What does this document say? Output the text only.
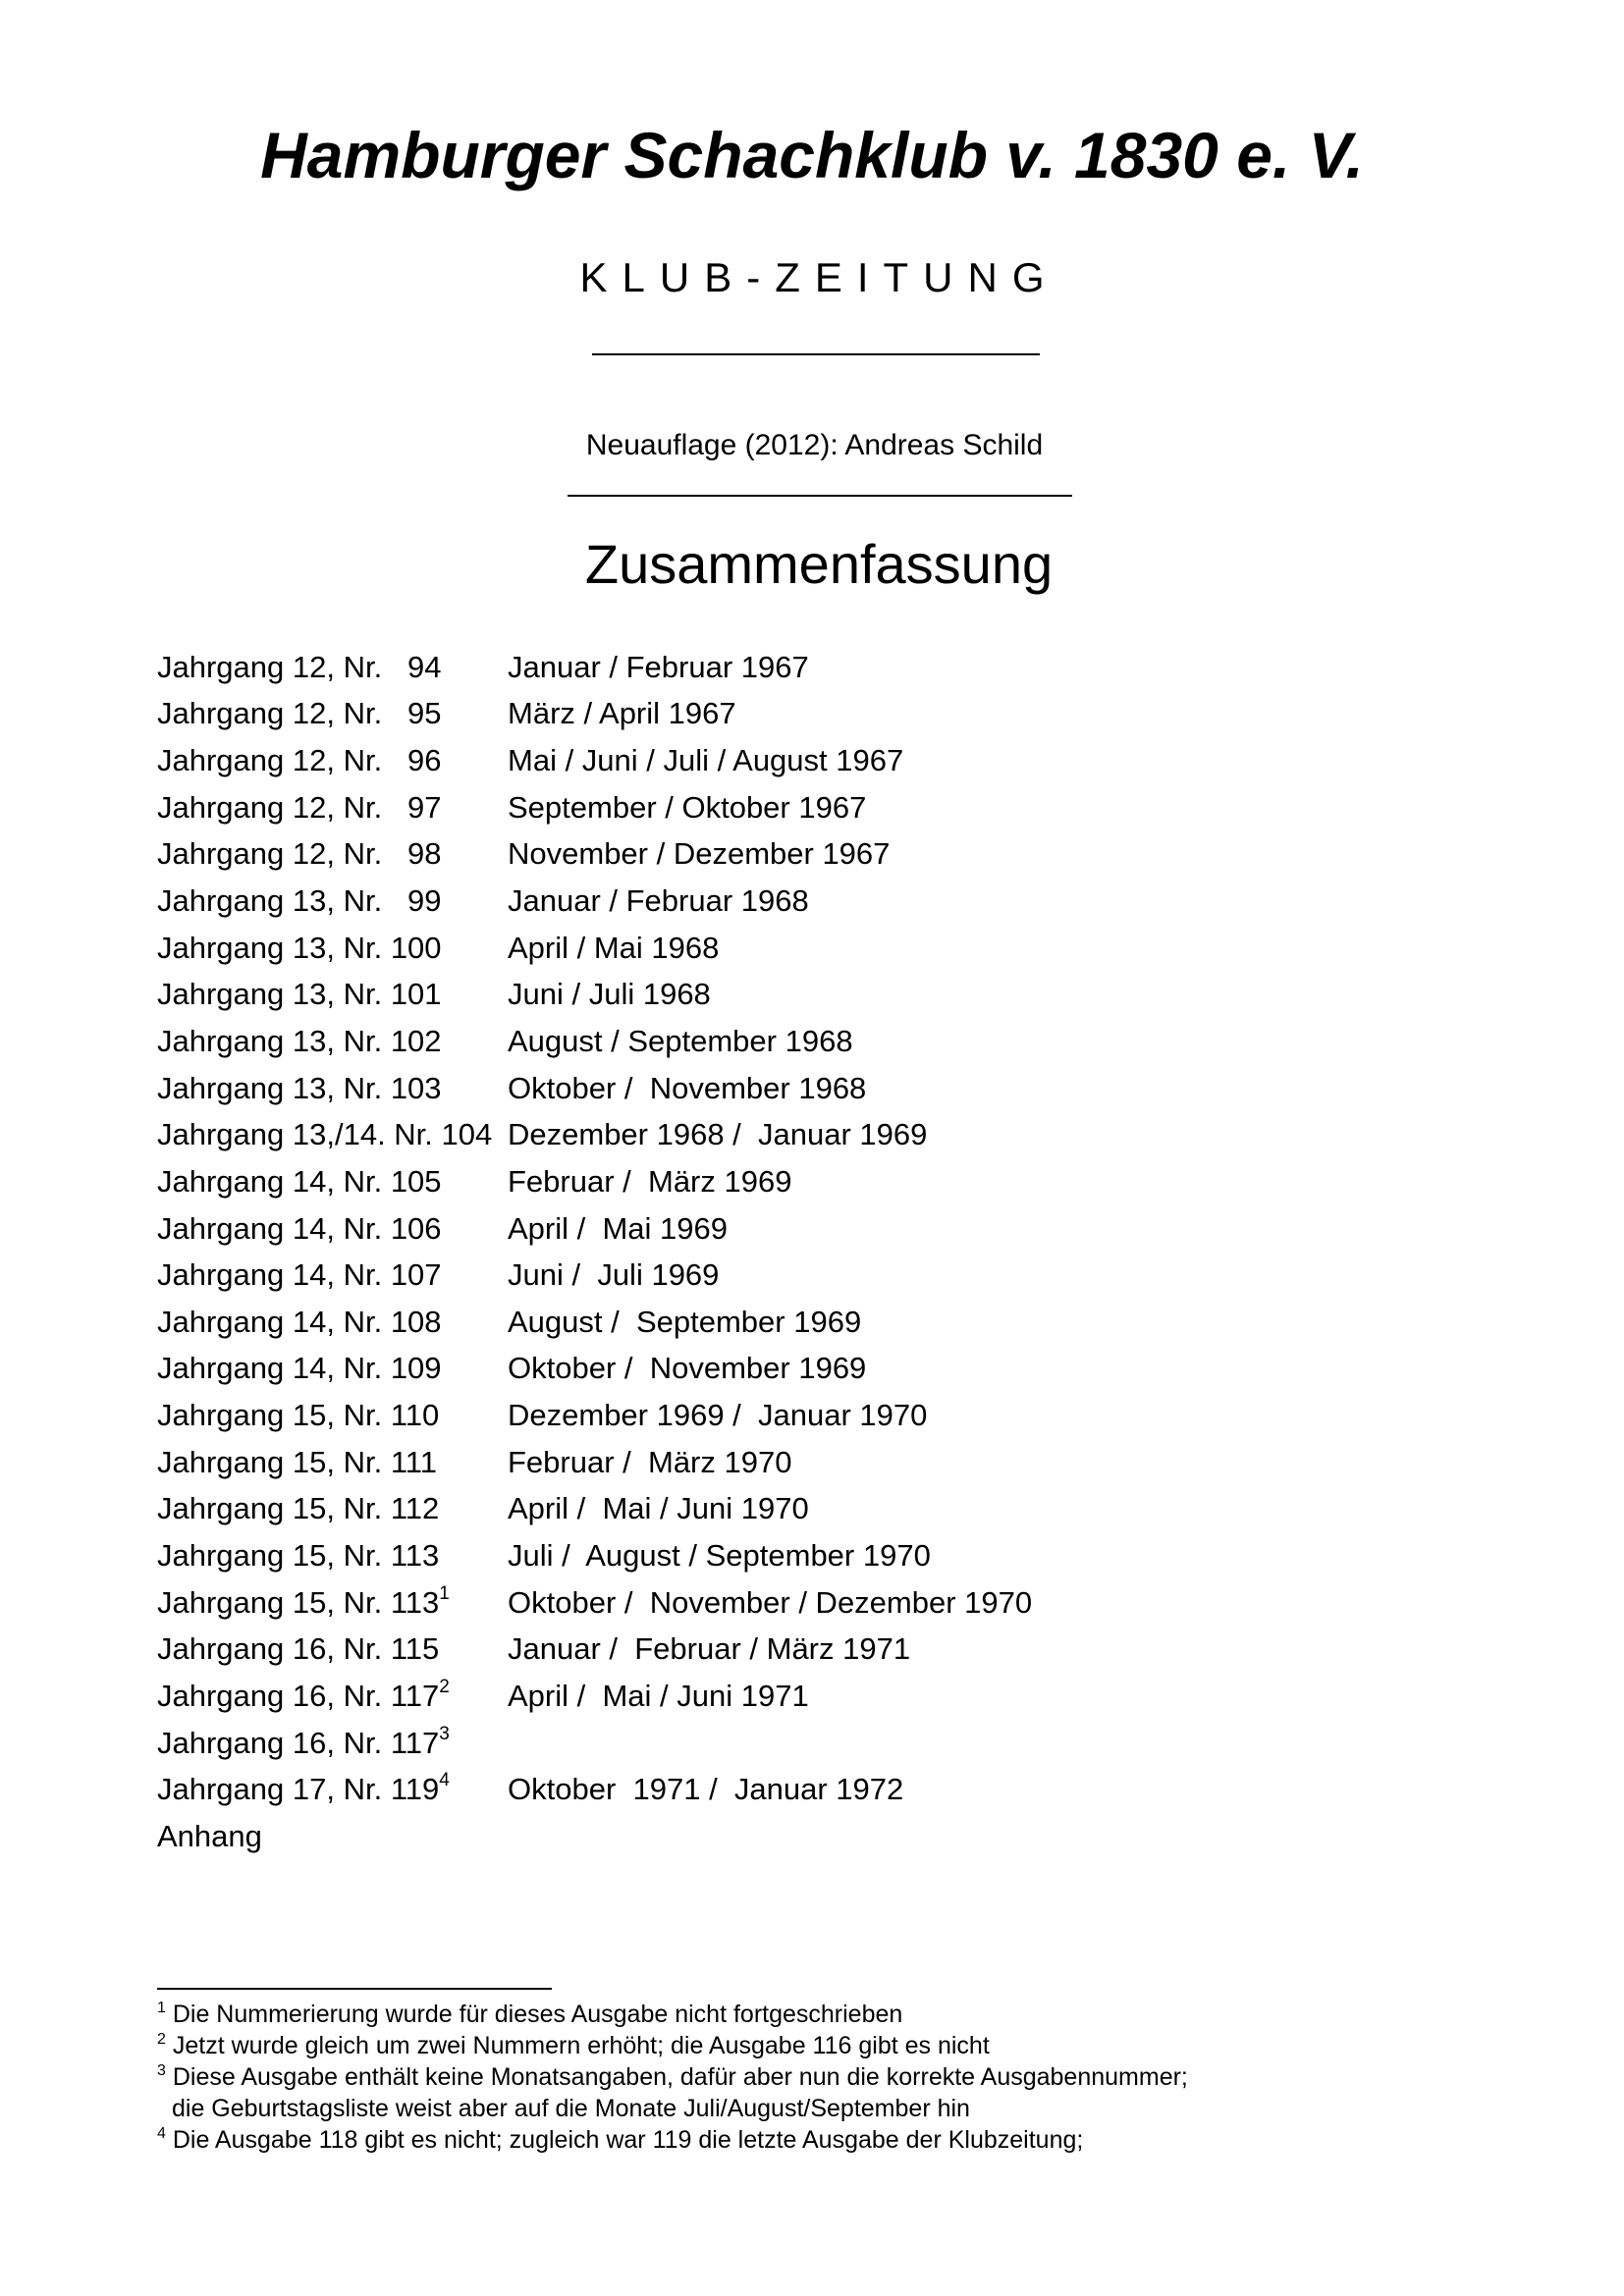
Hamburger Schachklub v. 1830 e. V.
KLUB-ZEITUNG
Neuauflage (2012): Andreas Schild
Zusammenfassung
Jahrgang 12, Nr.   94	Januar / Februar 1967
Jahrgang 12, Nr.   95	März / April 1967
Jahrgang 12, Nr.   96	Mai / Juni / Juli / August 1967
Jahrgang 12, Nr.   97	September / Oktober 1967
Jahrgang 12, Nr.   98	November / Dezember 1967
Jahrgang 13, Nr.   99	Januar / Februar 1968
Jahrgang 13, Nr. 100	April / Mai 1968
Jahrgang 13, Nr. 101	Juni / Juli 1968
Jahrgang 13, Nr. 102	August / September 1968
Jahrgang 13, Nr. 103	Oktober /  November 1968
Jahrgang 13,/14. Nr. 104 Dezember 1968 /  Januar 1969
Jahrgang 14, Nr. 105	Februar /  März 1969
Jahrgang 14, Nr. 106	April /  Mai 1969
Jahrgang 14, Nr. 107	Juni /  Juli 1969
Jahrgang 14, Nr. 108	August /  September 1969
Jahrgang 14, Nr. 109	Oktober /  November 1969
Jahrgang 15, Nr. 110	Dezember 1969 /  Januar 1970
Jahrgang 15, Nr. 111	Februar /  März 1970
Jahrgang 15, Nr. 112	April /  Mai / Juni 1970
Jahrgang 15, Nr. 113	Juli /  August / September 1970
Jahrgang 15, Nr. $113^1$	Oktober /  November / Dezember 1970
Jahrgang 16, Nr. 115	Januar /  Februar / März 1971
Jahrgang 16, Nr. $117^2$	April /  Mai / Juni 1971
Jahrgang 16, Nr. $117^3$
Jahrgang 17, Nr. $119^4$	Oktober  1971 /  Januar 1972
Anhang
$^1$ Die Nummerierung wurde für dieses Ausgabe nicht fortgeschrieben
$^2$ Jetzt wurde gleich um zwei Nummern erhöht; die Ausgabe 116 gibt es nicht
$^3$ Diese Ausgabe enthält keine Monatsangaben, dafür aber nun die korrekte Ausgabennummer;
die Geburtstagsliste weist aber auf die Monate Juli/August/September hin
$^4$ Die Ausgabe 118 gibt es nicht; zugleich war 119 die letzte Ausgabe der Klubzeitung;
